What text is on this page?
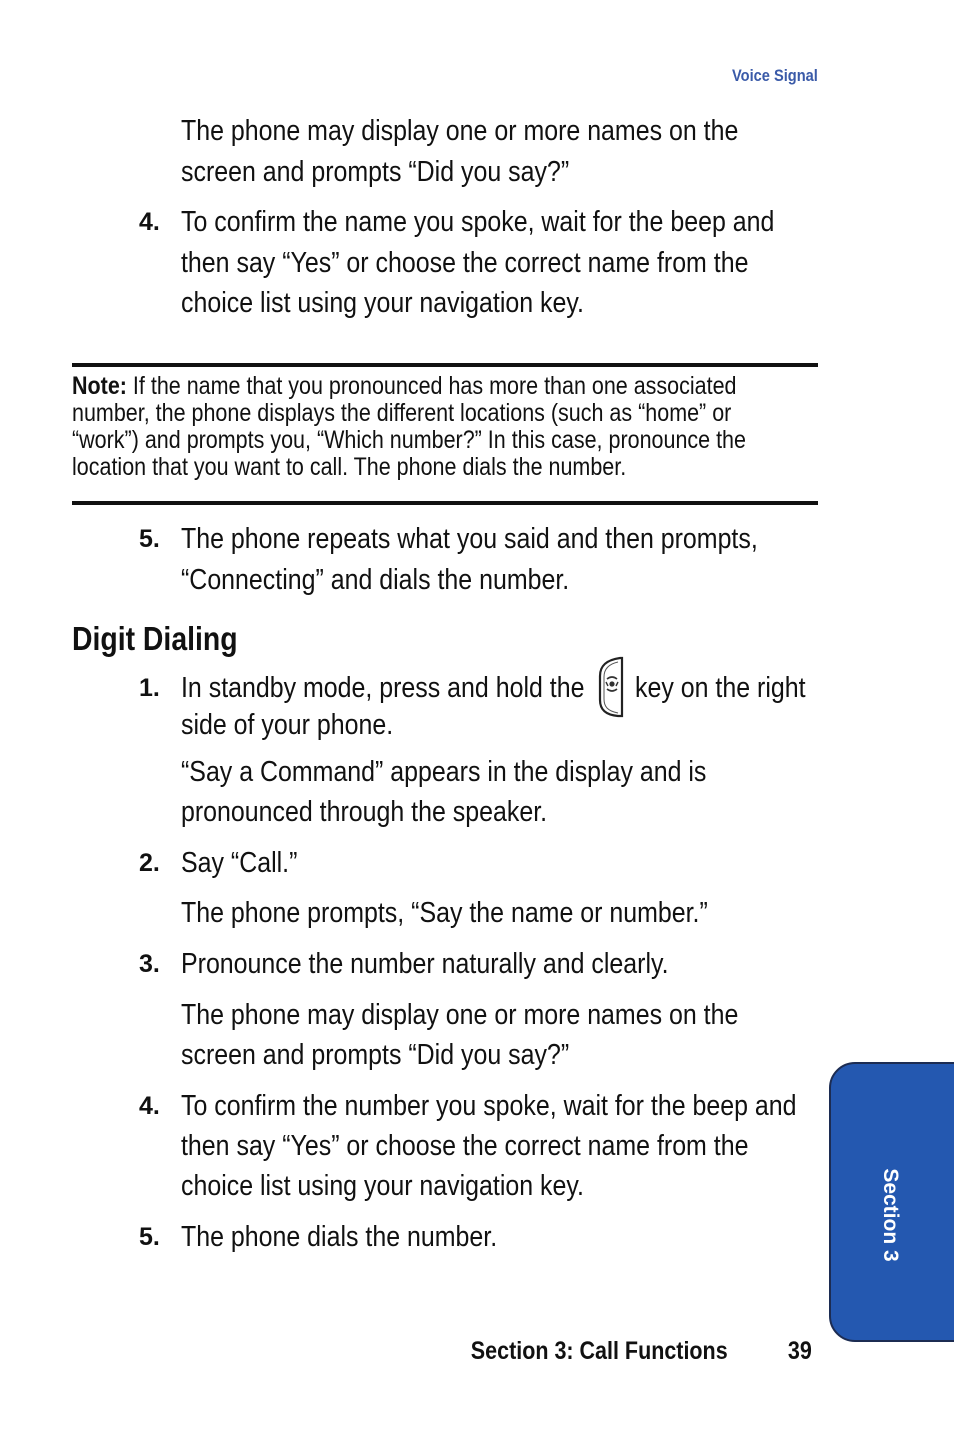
Voice Signal
The phone may display one or more names on the
screen and prompts “Did you say?”
4. To confirm the name you spoke, wait for the beep and
then say “Yes” or choose the correct name from the
choice list using your navigation key.
Note: If the name that you pronounced has more than one associated
number, the phone displays the different locations (such as “home” or
“work”) and prompts you, “Which number?” In this case, pronounce the
location that you want to call. The phone dials the number.
5. The phone repeats what you said and then prompts,
“Connecting” and dials the number.
Digit Dialing
1. In standby mode, press and hold the key on the right
side of your phone.
“Say a Command” appears in the display and is
pronounced through the speaker.
2. Say “Call.”
The phone prompts, “Say the name or number.”
3. Pronounce the number naturally and clearly.
The phone may display one or more names on the
screen and prompts “Did you say?”
4. To confirm the number you spoke, wait for the beep and
then say “Yes” or choose the correct name from the
choice list using your navigation key.
5. The phone dials the number.	Section 3
Section 3: Call Functions 39
